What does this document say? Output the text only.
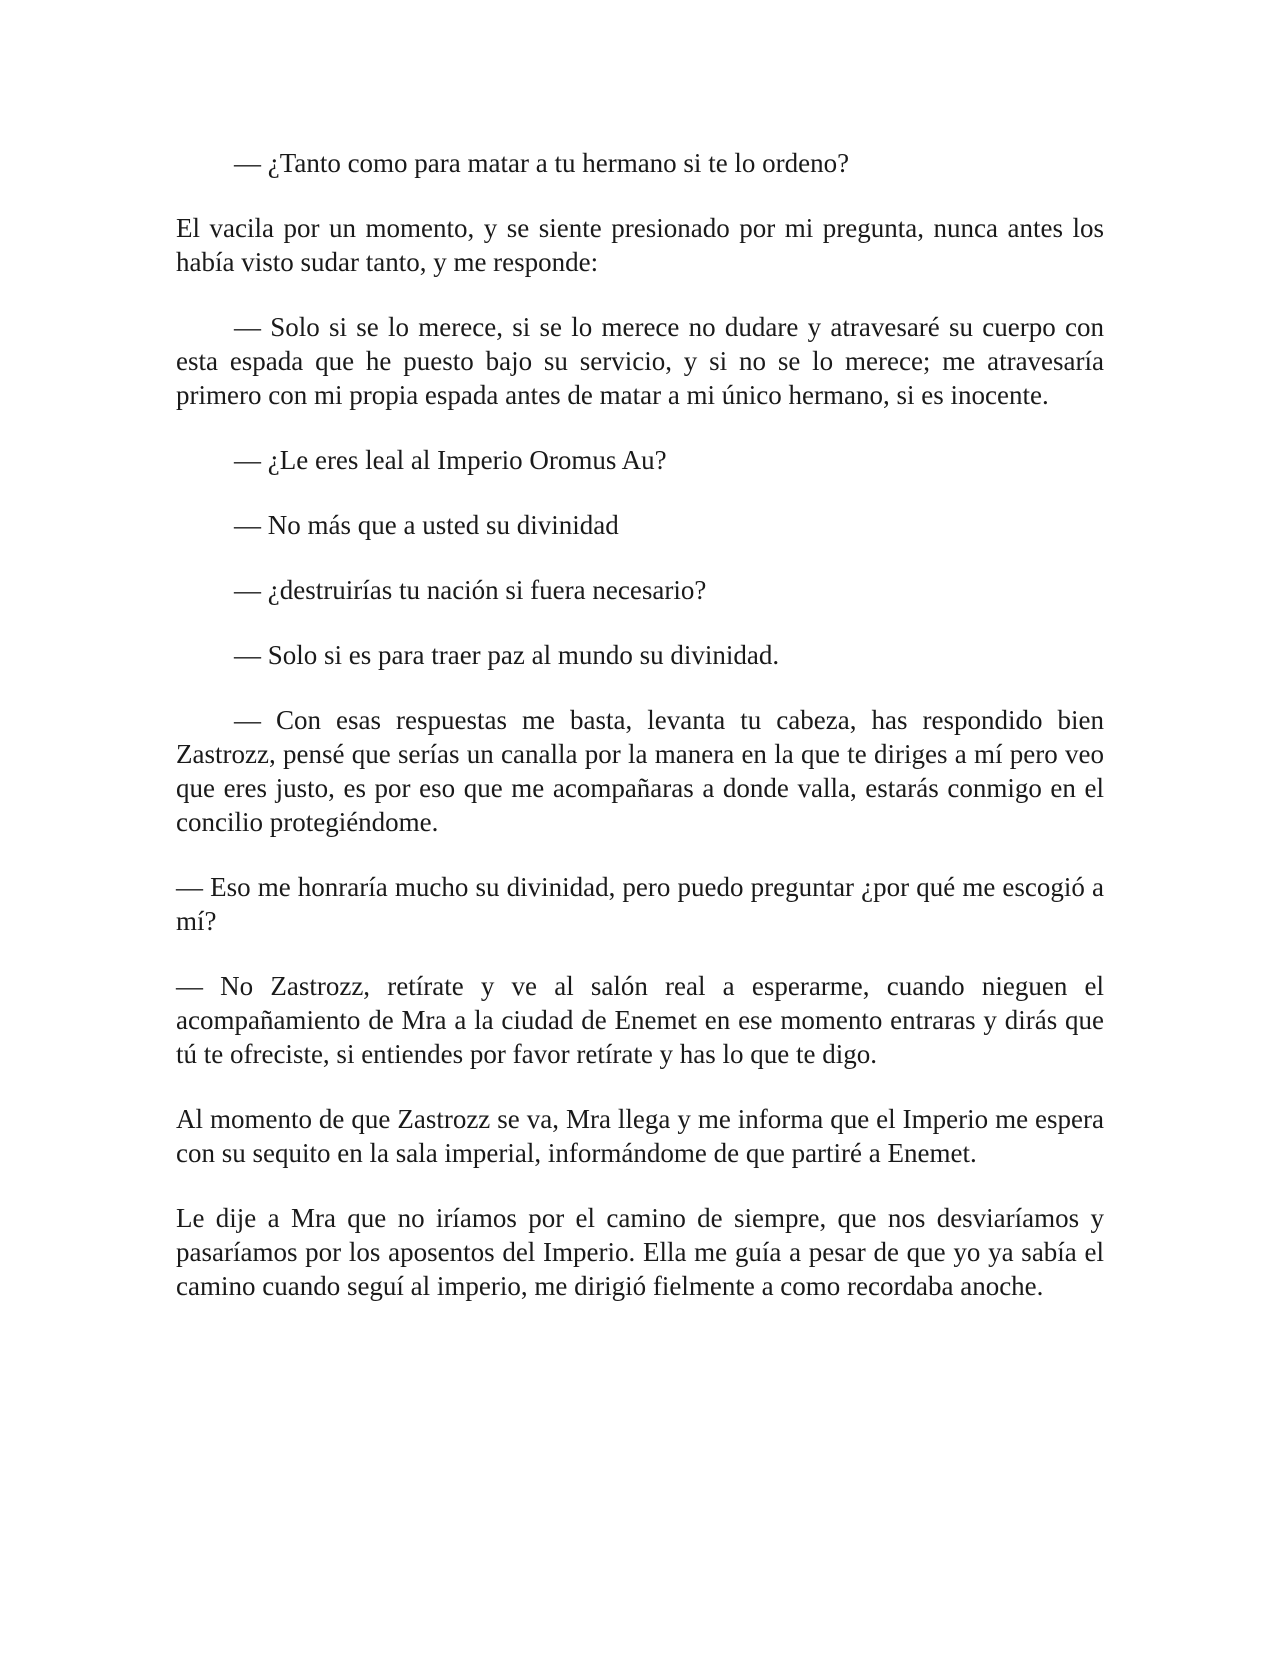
— ¿Tanto como para matar a tu hermano si te lo ordeno?

El vacila por un momento, y se siente presionado por mi pregunta, nunca antes los había visto sudar tanto, y me responde:

— Solo si se lo merece, si se lo merece no dudare y atravesaré su cuerpo con esta espada que he puesto bajo su servicio, y si no se lo merece; me atravesaría primero con mi propia espada antes de matar a mi único hermano, si es inocente.

— ¿Le eres leal al Imperio Oromus Au?

— No más que a usted su divinidad

— ¿destruirías tu nación si fuera necesario?

— Solo si es para traer paz al mundo su divinidad.

— Con esas respuestas me basta, levanta tu cabeza, has respondido bien Zastrozz, pensé que serías un canalla por la manera en la que te diriges a mí pero veo que eres justo, es por eso que me acompañaras a donde valla, estarás conmigo en el concilio protegiéndome.

— Eso me honraría mucho su divinidad, pero puedo preguntar ¿por qué me escogió a mí?

— No Zastrozz, retírate y ve al salón real a esperarme, cuando nieguen el acompañamiento de Mra a la ciudad de Enemet en ese momento entraras y dirás que tú te ofreciste, si entiendes por favor retírate y has lo que te digo.

Al momento de que Zastrozz se va, Mra llega y me informa que el Imperio me espera con su sequito en la sala imperial, informándome de que partiré a Enemet.

Le dije a Mra que no iríamos por el camino de siempre, que nos desviaríamos y pasaríamos por los aposentos del Imperio. Ella me guía a pesar de que yo ya sabía el camino cuando seguí al imperio, me dirigió fielmente a como recordaba anoche.
